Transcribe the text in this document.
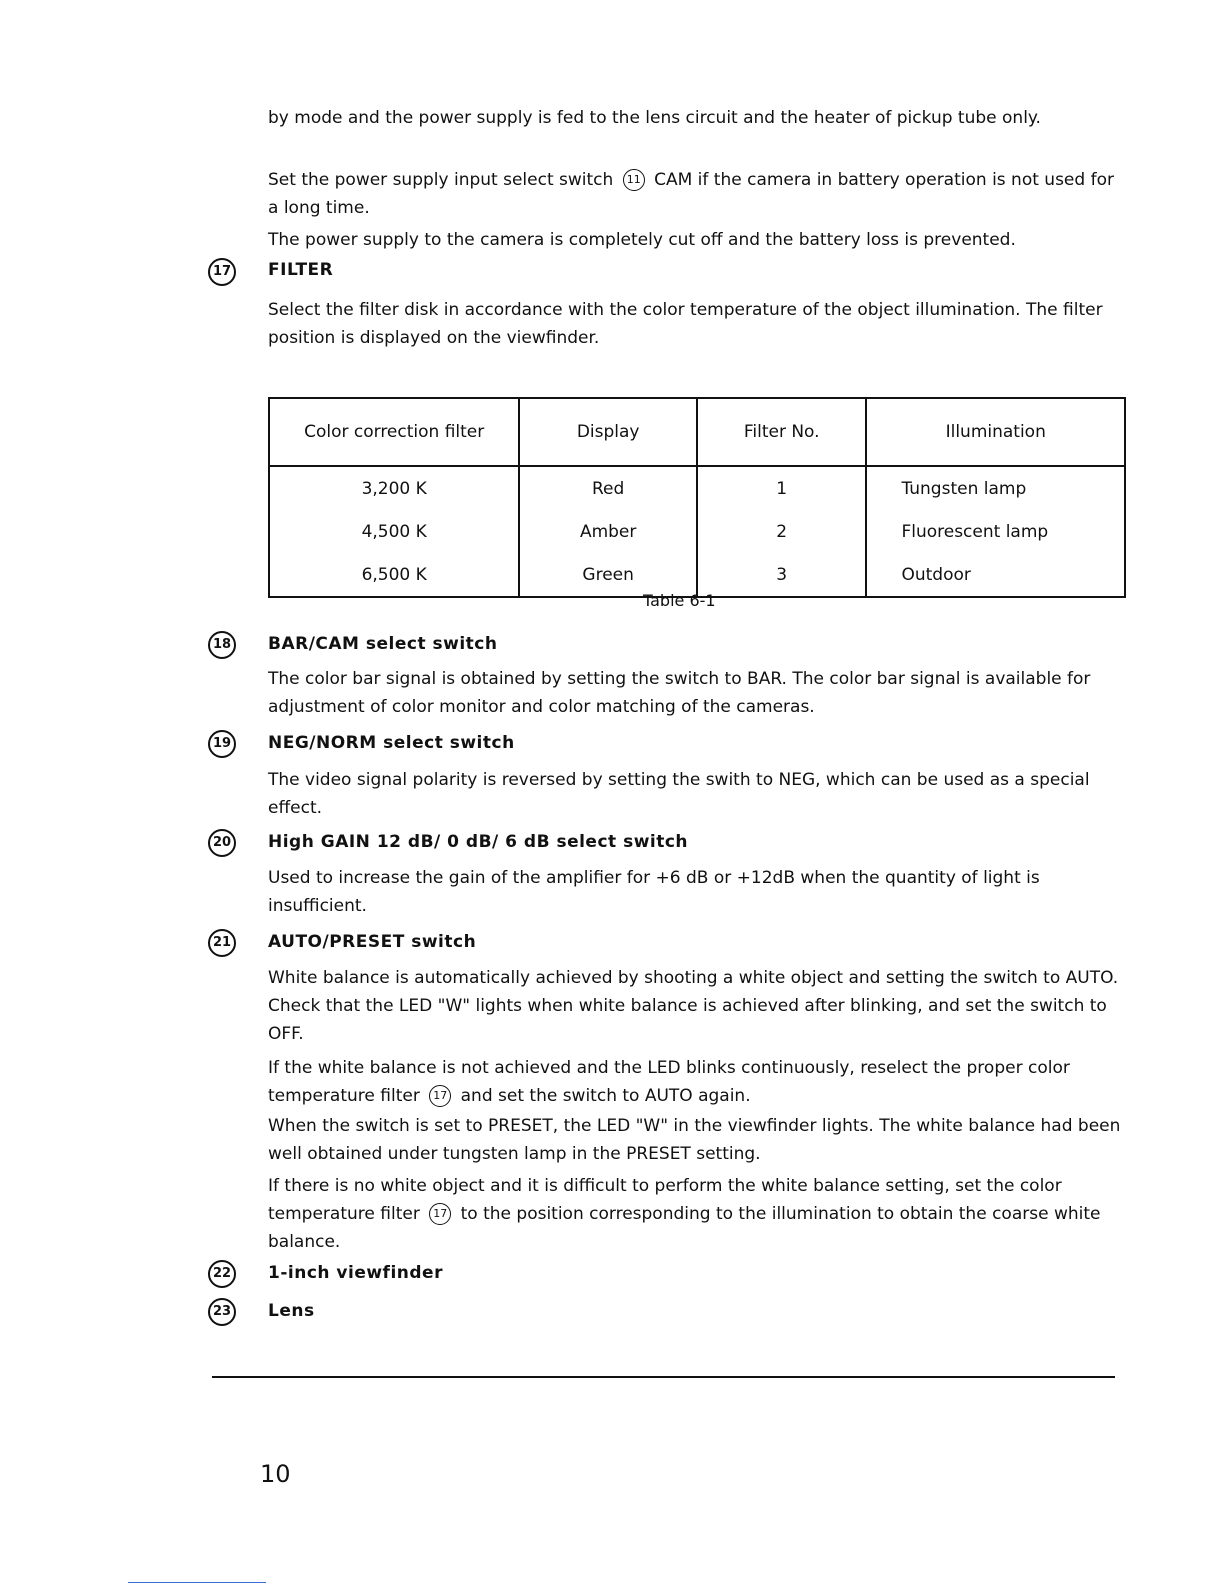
by mode and the power supply is fed to the lens circuit and the heater of pickup tube only.

Set the power supply input select switch 11 CAM if the camera in battery operation is not used for a long time.

The power supply to the camera is completely cut off and the battery loss is prevented.

17 FILTER

Select the filter disk in accordance with the color temperature of the object illumination. The filter position is displayed on the viewfinder.

Color correction filter	Display	Filter No.	Illumination
3,200 K	Red	1	Tungsten lamp
4,500 K	Amber	2	Fluorescent lamp
6,500 K	Green	3	Outdoor
Table 6-1
18 BAR/CAM select switch

The color bar signal is obtained by setting the switch to BAR. The color bar signal is available for adjustment of color monitor and color matching of the cameras.

19 NEG/NORM select switch

The video signal polarity is reversed by setting the swith to NEG, which can be used as a special effect.

20 High GAIN 12 dB/ 0 dB/ 6 dB select switch

Used to increase the gain of the amplifier for +6 dB or +12dB when the quantity of light is insufficient.

21 AUTO/PRESET switch

White balance is automatically achieved by shooting a white object and setting the switch to AUTO. Check that the LED "W" lights when white balance is achieved after blinking, and set the switch to OFF.

If the white balance is not achieved and the LED blinks continuously, reselect the proper color temperature filter 17 and set the switch to AUTO again.

When the switch is set to PRESET, the LED "W" in the viewfinder lights. The white balance had been well obtained under tungsten lamp in the PRESET setting.

If there is no white object and it is difficult to perform the white balance setting, set the color temperature filter 17 to the position corresponding to the illumination to obtain the coarse white balance.

22 1-inch viewfinder
23 Lens
10
